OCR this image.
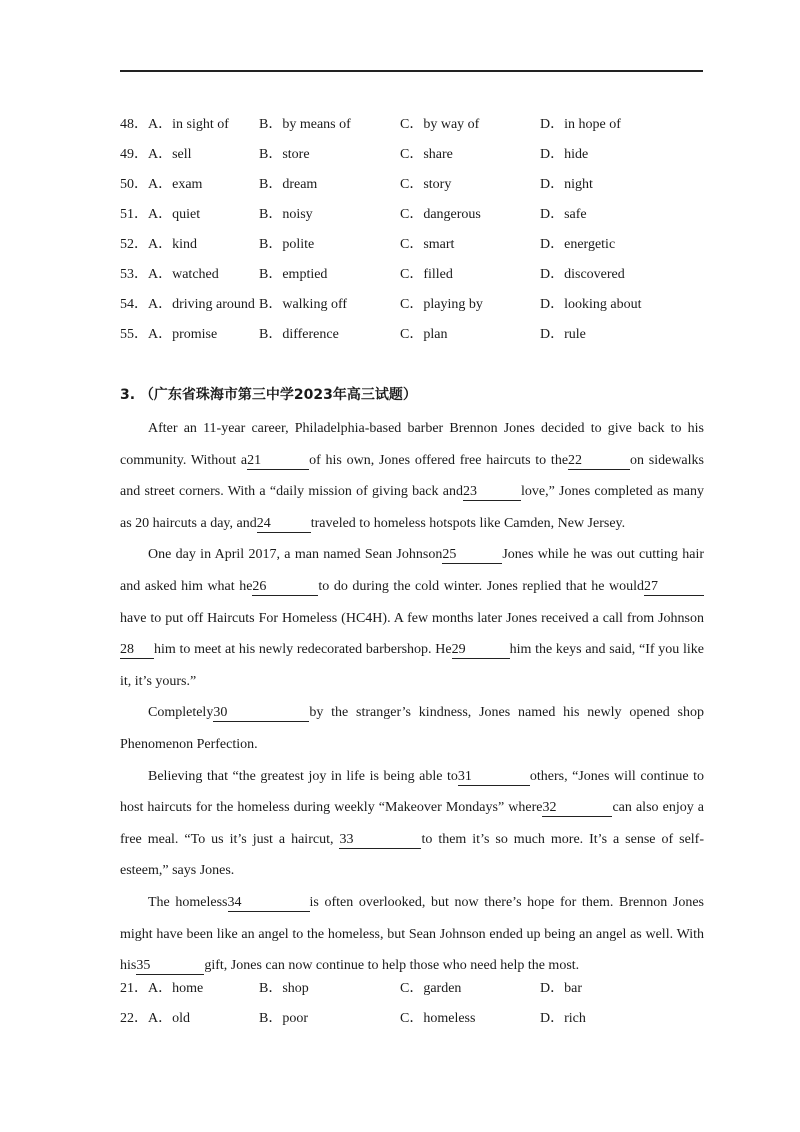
48． A．in sight of B．by means of	C．by way of	D．in hope of
49． A．sell	B．store	C．share	D．hide
50． A．exam	B．dream	C．story	D．night
51． A．quiet	B．noisy	C．dangerous	D．safe
52． A．kind	B．polite	C．smart	D．energetic
53． A．watched	B．emptied	C．filled	D．discovered
54． A．driving around B．walking off	C．playing by	D．looking about
55． A．promise	B．difference	C．plan	D．rule
3. （广东省珠海市第三中学2023年高三试题）

After an 11-year career, Philadelphia-based barber Brennon Jones decided to give back to his community. Without a21	of his own, Jones offered free haircuts to the22	on sidewalks and street corners. With a “daily mission of giving back and23	love,” Jones completed as many as 20 haircuts a day, and24	traveled to homeless hotspots like Camden, New Jersey.

One day in April 2017, a man named Sean Johnson25	Jones while he was out cutting hair and asked him what he26	to do during the cold winter. Jones replied that he would27have to put off Haircuts For Homeless (HC4H). A few months later Jones received a call from Johnson28 him to meet at his newly redecorated barbershop. He29	him the keys and said, “If you like it, it’s yours.”

Completely30	by the stranger’s kindness, Jones named his newly opened shop Phenomenon Perfection.

Believing that “the greatest joy in life is being able to31	others, “Jones will continue to host haircuts for the homeless during weekly “Makeover Mondays” where32	can also enjoy a free meal. “To us it’s just a haircut, 33	to them it’s so much more. It’s a sense of self-esteem,” says Jones.

The homeless34	is often overlooked, but now there’s hope for them. Brennon Jones might have been like an angel to the homeless, but Sean Johnson ended up being an angel as well. With his35	gift, Jones can now continue to help those who need help the most.

21． A．home	B．shop	C．garden	D．bar
22． A．old	B．poor	C．homeless	D．rich
